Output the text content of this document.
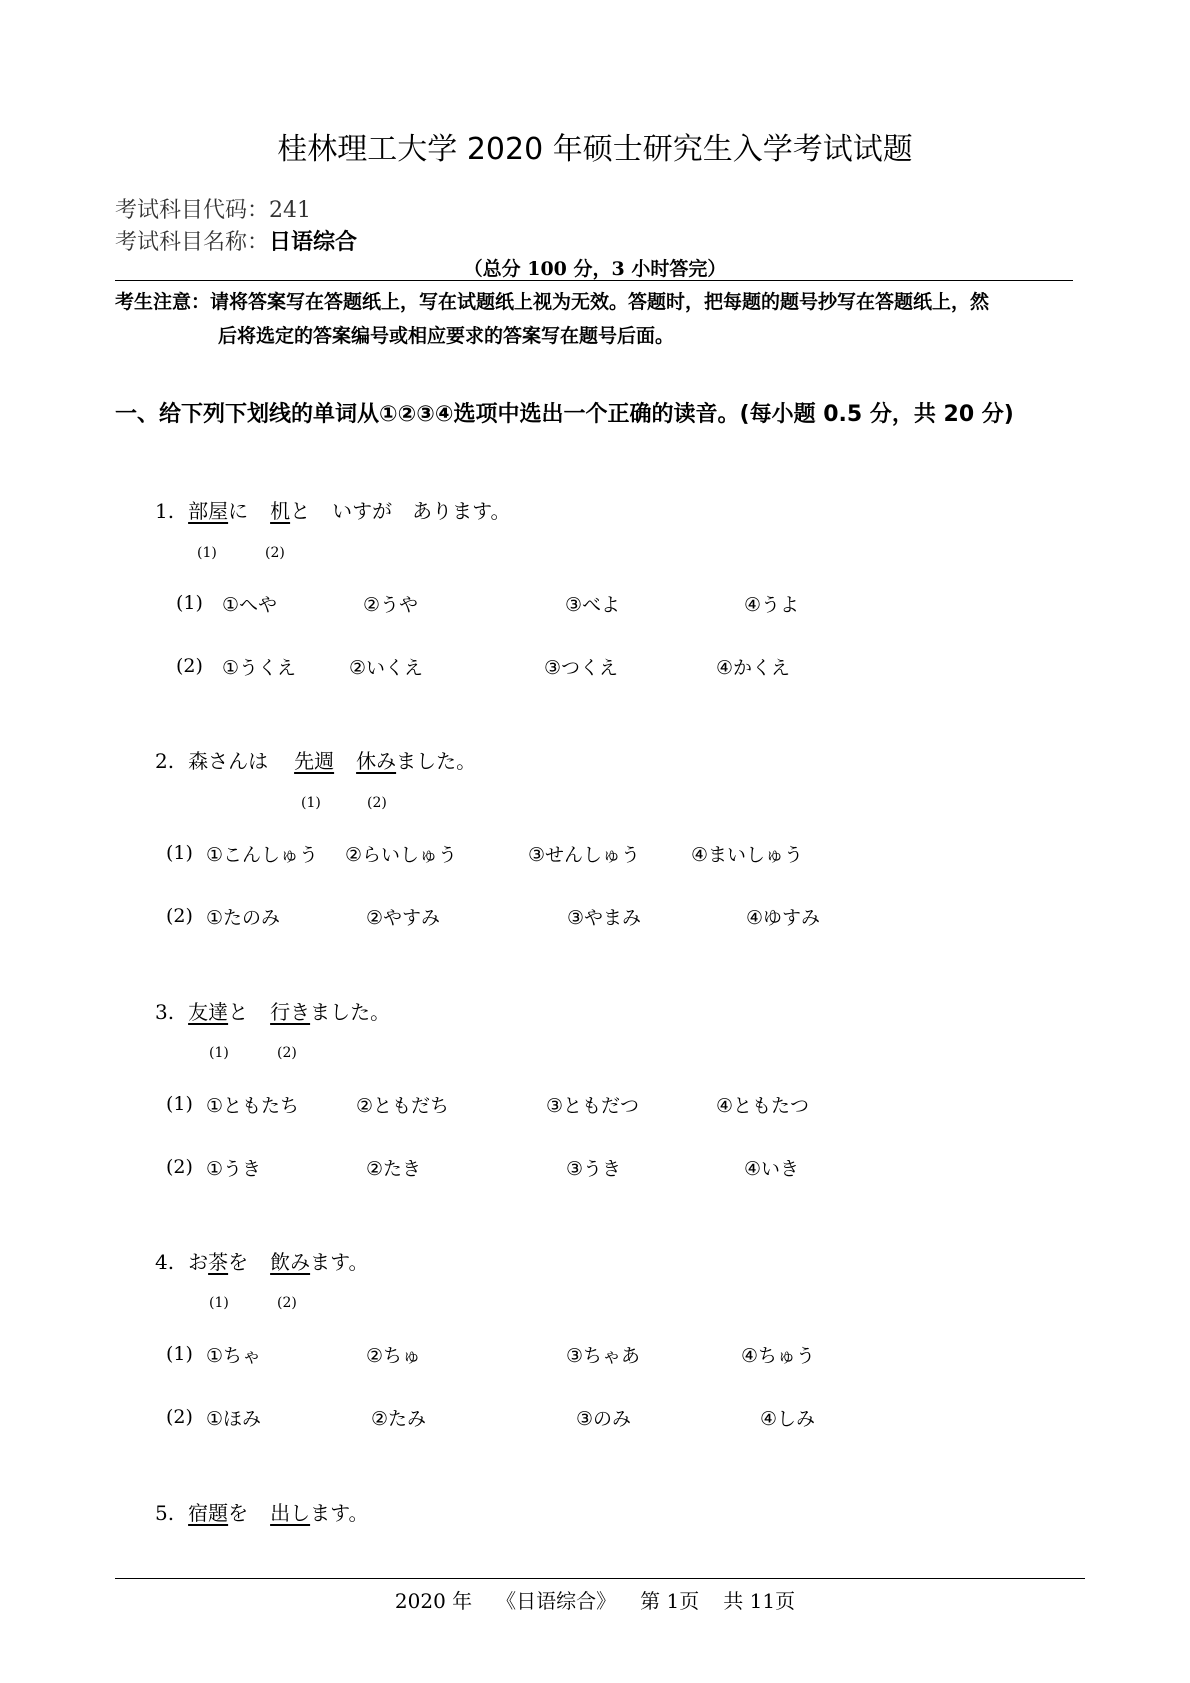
桂林理工大学 2020 年硕士研究生入学考试试题
考试科目代码：241
考试科目名称：日语综合
（总分 100 分，3 小时答完）
考生注意：请将答案写在答题纸上，写在试题纸上视为无效。答题时，把每题的题号抄写在答题纸上，然
后将选定的答案编号或相应要求的答案写在题号后面。
一、给下列下划线的单词从①②③④选项中选出一个正确的读音。(每小题 0.5 分，共 20 分)
1. 部屋に 机と いすが あります。
(1)	(2)
(1) ①へや	②うや	③べよ	④うよ
(2) ①うくえ	②いくえ	③つくえ	④かくえ
2. 森さんは 先週 休みました。
(1)	(2)
(1) ①こんしゅう ②らいしゅう	③せんしゅう	④まいしゅう
(2) ①たのみ	②やすみ	③やまみ	④ゆすみ
3. 友達と 行きました。
(1)	(2)
(1) ①ともたち	②ともだち	③ともだつ	④ともたつ
(2) ①うき	②たき	③うき	④いき
4. お茶を 飲みます。
(1)	(2)
(1) ①ちゃ	②ちゅ	③ちゃあ	④ちゅう
(2) ①ほみ	②たみ	③のみ	④しみ
5. 宿題を 出します。
2020 年 《日语综合》 第 1页 共 11页
